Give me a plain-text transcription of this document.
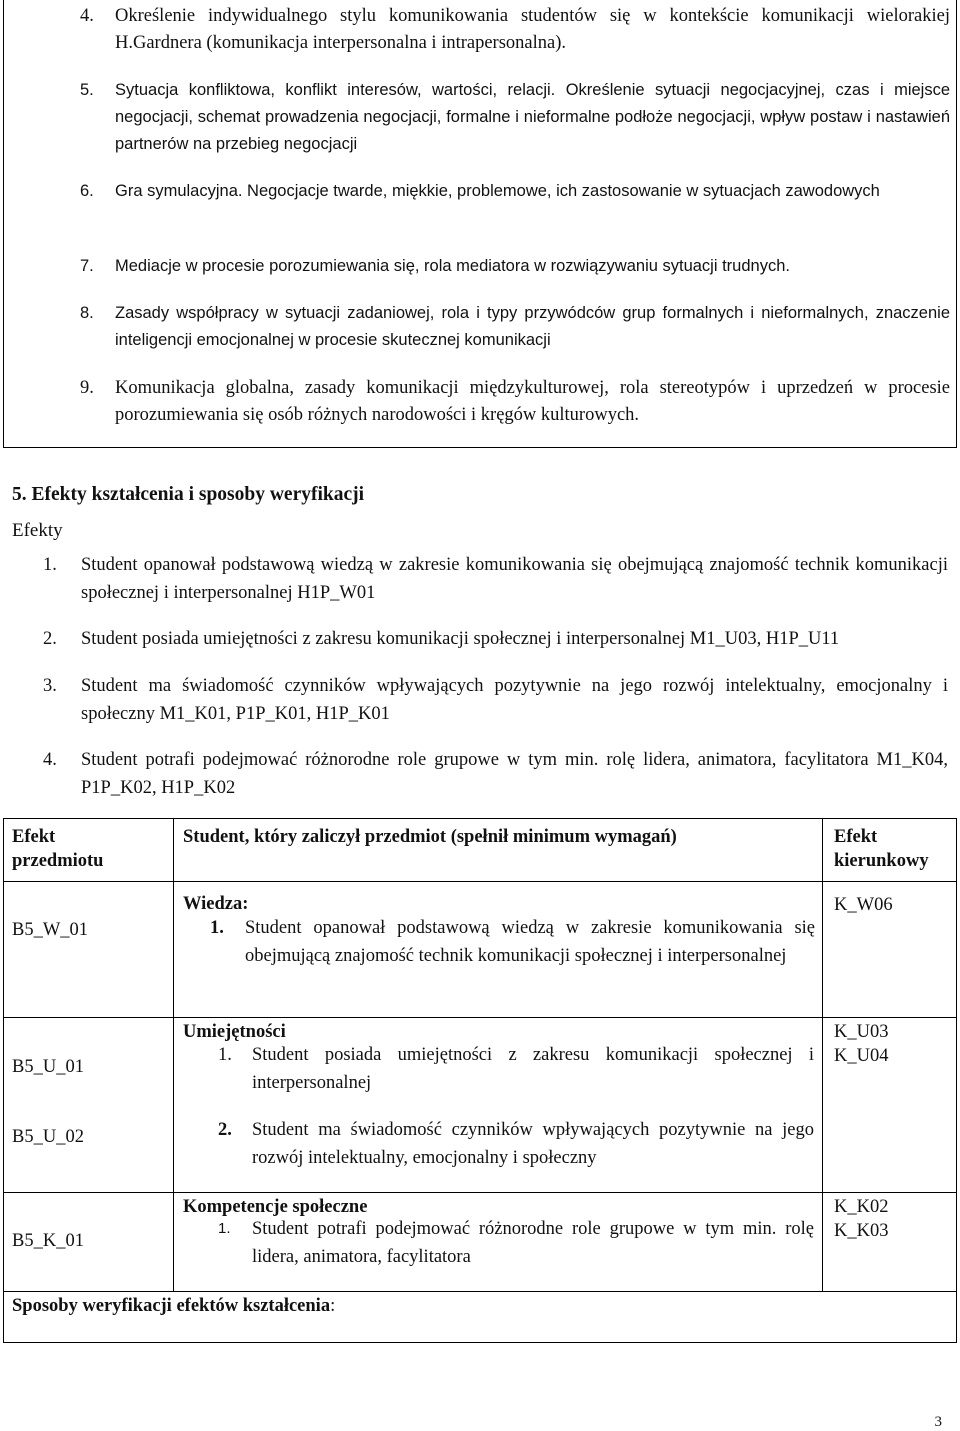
4. Określenie indywidualnego stylu komunikowania studentów się w kontekście komunikacji wielorakiej H.Gardnera (komunikacja interpersonalna i intrapersonalna).
5. Sytuacja konfliktowa, konflikt interesów, wartości, relacji. Określenie sytuacji negocjacyjnej, czas i miejsce negocjacji, schemat prowadzenia negocjacji, formalne i nieformalne podłoże negocjacji, wpływ postaw i nastawień partnerów na przebieg negocjacji
6. Gra symulacyjna. Negocjacje twarde, miękkie, problemowe, ich zastosowanie w sytuacjach zawodowych
7. Mediacje w procesie porozumiewania się, rola mediatora w rozwiązywaniu sytuacji trudnych.
8. Zasady współpracy w sytuacji zadaniowej, rola i typy przywódców grup formalnych i nieformalnych, znaczenie inteligencji emocjonalnej w procesie skutecznej komunikacji
9. Komunikacja globalna, zasady komunikacji międzykulturowej, rola stereotypów i uprzedzeń w procesie porozumiewania się osób różnych narodowości i kręgów kulturowych.
5. Efekty kształcenia i sposoby weryfikacji
Efekty
1. Student opanował podstawową wiedzą w zakresie komunikowania się obejmującą znajomość technik komunikacji społecznej i interpersonalnej H1P_W01
2. Student posiada umiejętności z zakresu komunikacji społecznej i interpersonalnej M1_U03, H1P_U11
3. Student ma świadomość czynników wpływających pozytywnie na jego rozwój intelektualny, emocjonalny i społeczny M1_K01, P1P_K01, H1P_K01
4. Student potrafi podejmować różnorodne role grupowe w tym min. rolę lidera, animatora, facylitatora M1_K04, P1P_K02, H1P_K02
Efekt
przedmiotu
Student, który zaliczył przedmiot (spełnił minimum wymagań)	Efekt
kierunkowy
B5_W_01
Wiedza:
1. Student opanował podstawową wiedzą w zakresie komunikowania się obejmującą znajomość technik komunikacji społecznej i interpersonalnej
K_W06
B5_U_01
B5_U_02
Umiejętności
1. Student posiada umiejętności z zakresu komunikacji społecznej i interpersonalnej
2. Student ma świadomość czynników wpływających pozytywnie na jego rozwój intelektualny, emocjonalny i społeczny
K_U03
K_U04
B5_K_01
Kompetencje społeczne
1. Student potrafi podejmować różnorodne role grupowe w tym min. rolę lidera, animatora, facylitatora
K_K02
K_K03
Sposoby weryfikacji efektów kształcenia:
3
